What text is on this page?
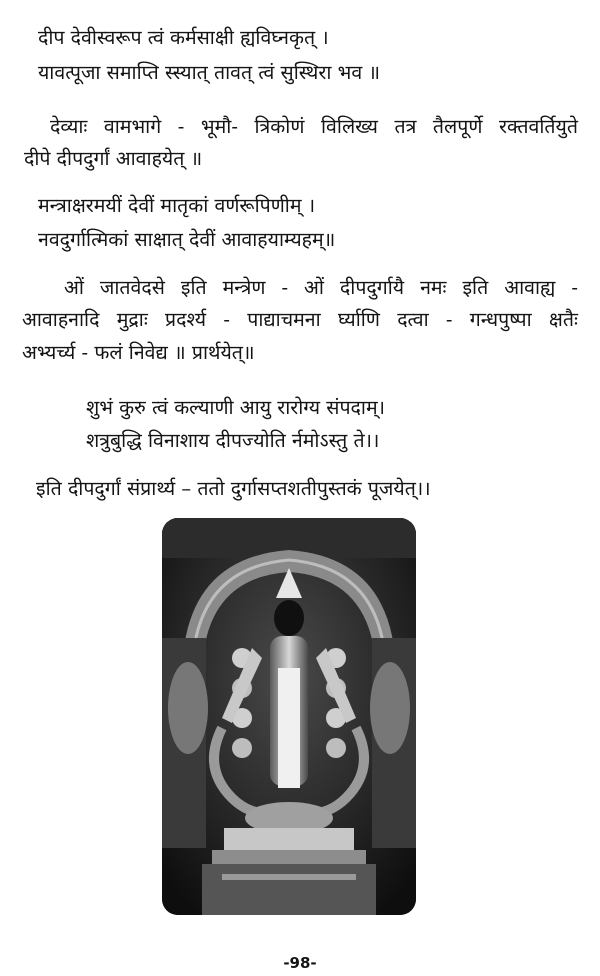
दीप देवीस्वरूप त्वं कर्मसाक्षी ह्यविघ्नकृत् ।
यावत्पूजा समाप्ति स्स्यात् तावत् त्वं सुस्थिरा भव ॥
देव्याः वामभागे - भूमौ- त्रिकोणं विलिख्य तत्र तैलपूर्णे रक्तवर्तियुते
दीपे दीपदुर्गां आवाहयेत् ॥
मन्त्राक्षरमयीं देवीं मातृकां वर्णरूपिणीम् ।
नवदुर्गात्मिकां साक्षात् देवीं आवाहयाम्यहम्॥
ओं जातवेदसे इति मन्त्रेण - ओं दीपदुर्गायै नमः इति आवाह्य -
आवाहनादि मुद्राः प्रदर्श्य - पाद्याचमना र्घ्याणि दत्वा - गन्धपुष्पा क्षतैः
अभ्यर्च्य - फलं निवेद्य ॥ प्रार्थयेत्॥
शुभं कुरु त्वं कल्याणी आयु रारोग्य संपदाम्।
शत्रुबुद्धि विनाशाय दीपज्योति र्नमोऽस्तु ते।।
इति दीपदुर्गां संप्रार्थ्य – ततो दुर्गासप्तशतीपुस्तकं पूजयेत्।।
-98-
